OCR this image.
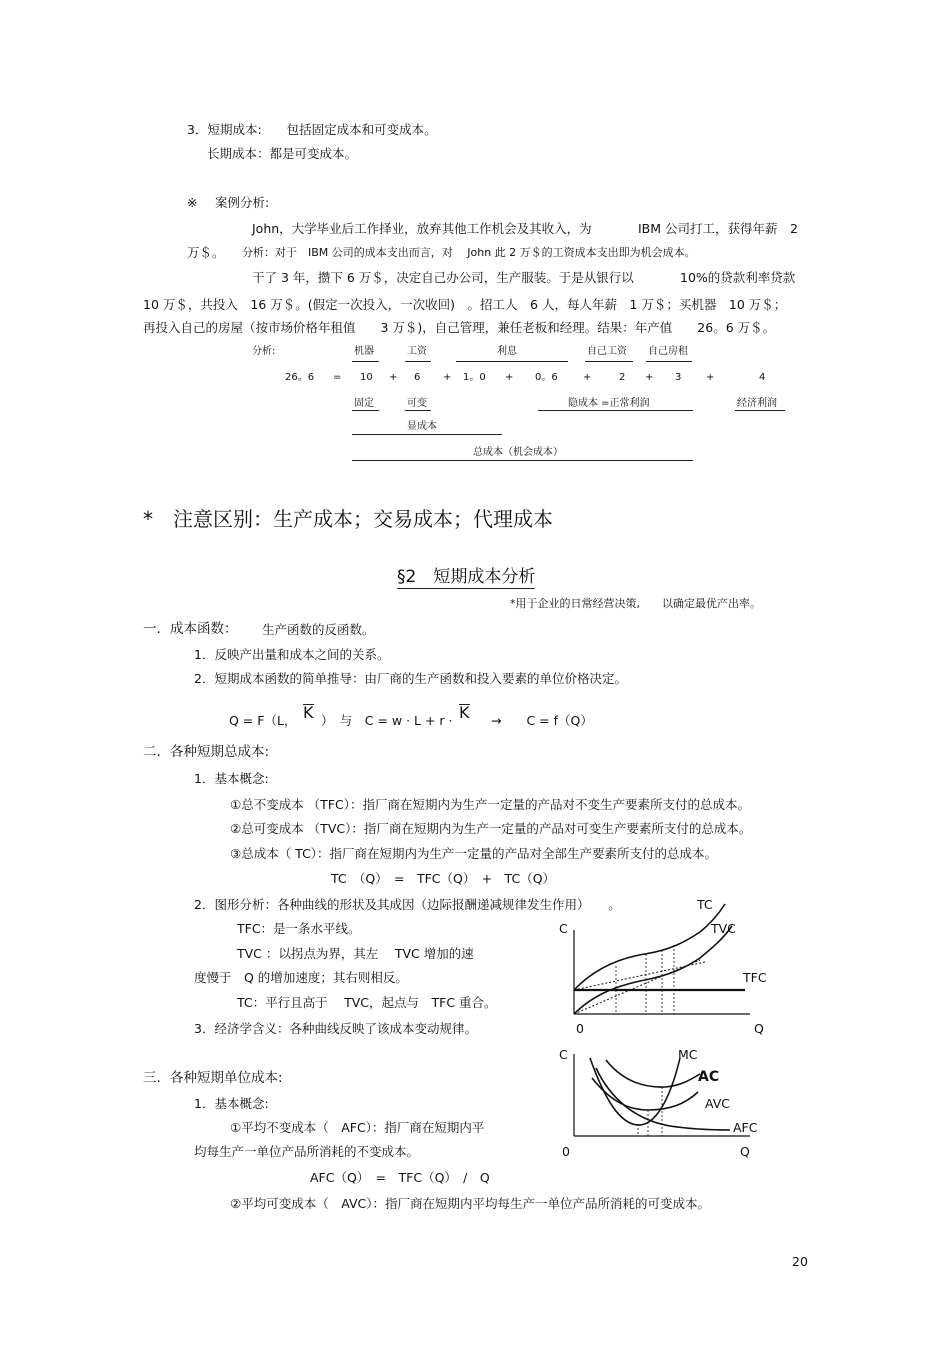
3．短期成本:　　包括固定成本和可变成本。
长期成本：都是可变成本。
※ 案例分析:
John，大学毕业后工作择业，放弃其他工作机会及其收入，为	IBM 公司打工，获得年薪　2
万＄。 分析：对于　IBM 公司的成本支出而言，对　 John 此 2 万＄的工资成本支出即为机会成本。
干了 3 年，攒下 6 万＄，决定自己办公司，生产服装。于是从银行以	10%的贷款利率贷款
10 万＄，共投入　16 万＄。(假定一次投入，一次收回)　。招工人　6 人，每人年薪　1 万＄；买机器　10 万＄；
再投入自己的房屋（按市场价格年租值　　3 万＄)，自己管理，兼任老板和经理。结果：年产值　　26。6 万＄。
分析:	机器	工资	利息	自己工资 自己房租
26。6 = 10 + 6 + 1。0 + 0。6	+	2 + 3 +	4
固定	可变	隐成本 =正常利润	经济利润
显成本
总成本（机会成本）
*　注意区别：生产成本；交易成本；代理成本
§2　短期成本分析
*用于企业的日常经营决策,　　以确定最优产出率。
一．成本函数： 生产函数的反函数。
1．反映产出量和成本之间的关系。
2．短期成本函数的简单推导：由厂商的生产函数和投入要素的单位价格决定。
Q = F（L， K ）　与　C = w · L + r · K →　　C = f（Q）
二．各种短期总成本:
1．基本概念:
①总不变成本 （TFC）：指厂商在短期内为生产一定量的产品对不变生产要素所支付的总成本。
②总可变成本 （TVC）：指厂商在短期内为生产一定量的产品对可变生产要素所支付的总成本。
③总成本（ TC）：指厂商在短期内为生产一定量的产品对全部生产要素所支付的总成本。
TC　（Q）　=　TFC（Q）　+　TC（Q）
2．图形分析：各种曲线的形状及其成因（边际报酬递减规律发生作用）　　。
TFC：是一条水平线。
TVC ：以拐点为界，其左　 TVC 增加的速
度慢于　Q 的增加速度；其右则相反。
TC：平行且高于　 TVC，起点与　TFC 重合。
3．经济学含义：各种曲线反映了该成本变动规律。
三．各种短期单位成本:
1．基本概念:
①平均不变成本（　AFC）：指厂商在短期内平
均每生产一单位产品所消耗的不变成本。
AFC（Q）　=　TFC（Q）　/　Q
②平均可变成本（　AVC）：指厂商在短期内平均每生产一单位产品所消耗的可变成本。
TC
TVC
TFC
C
0	Q
C	MC
AC
AVC
AFC
0	Q
20
